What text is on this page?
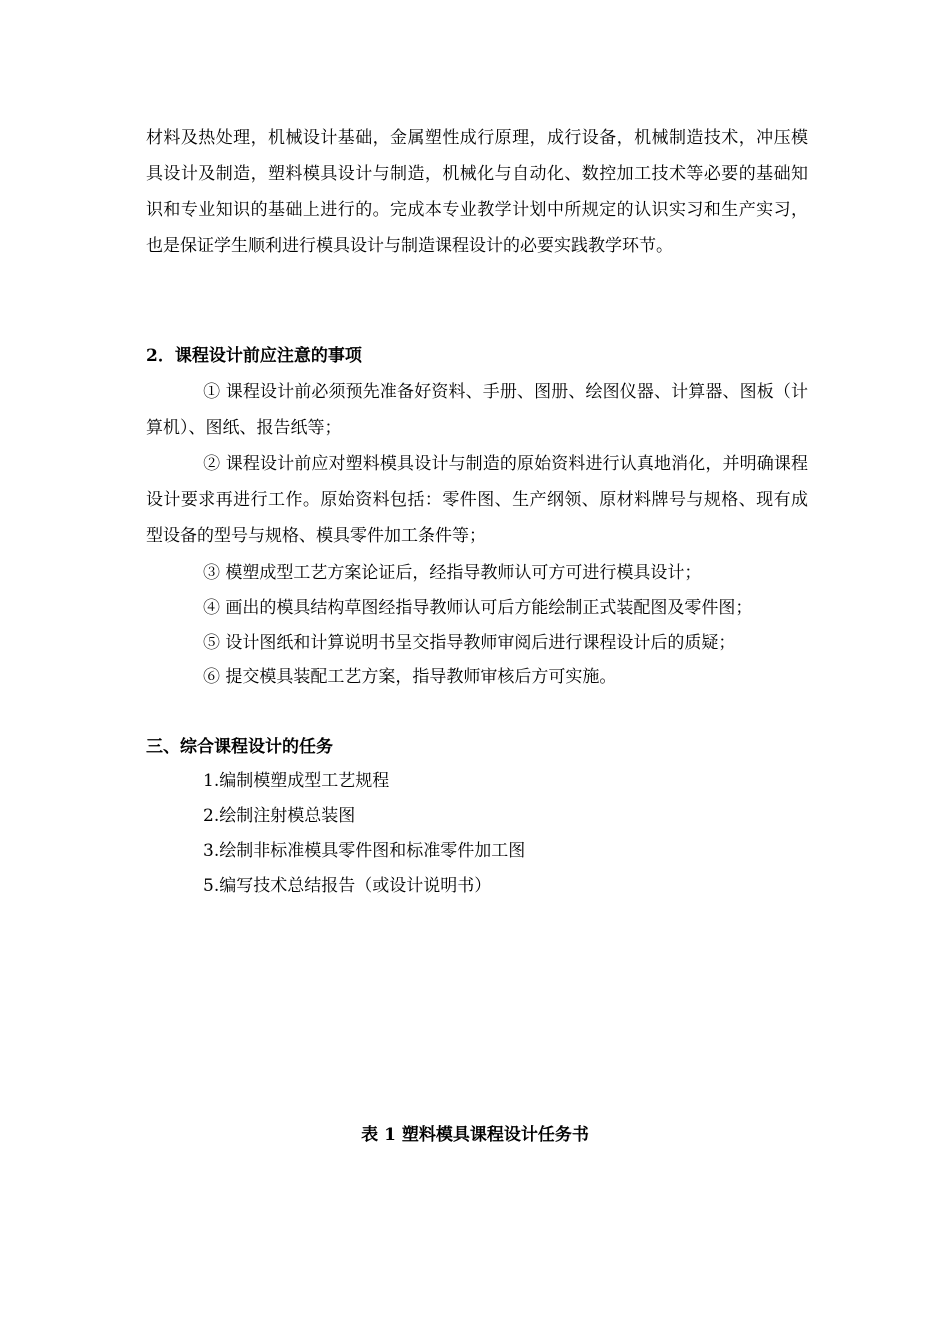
材料及热处理，机械设计基础，金属塑性成行原理，成行设备，机械制造技术，冲压模具设计及制造，塑料模具设计与制造，机械化与自动化、数控加工技术等必要的基础知识和专业知识的基础上进行的。完成本专业教学计划中所规定的认识实习和生产实习，也是保证学生顺利进行模具设计与制造课程设计的必要实践教学环节。

2．课程设计前应注意的事项
① 课程设计前必须预先准备好资料、手册、图册、绘图仪器、计算器、图板（计算机）、图纸、报告纸等；
② 课程设计前应对塑料模具设计与制造的原始资料进行认真地消化，并明确课程设计要求再进行工作。原始资料包括：零件图、生产纲领、原材料牌号与规格、现有成型设备的型号与规格、模具零件加工条件等；
③ 模塑成型工艺方案论证后，经指导教师认可方可进行模具设计；
④ 画出的模具结构草图经指导教师认可后方能绘制正式装配图及零件图；
⑤ 设计图纸和计算说明书呈交指导教师审阅后进行课程设计后的质疑；
⑥ 提交模具装配工艺方案，指导教师审核后方可实施。
三、综合课程设计的任务
1.编制模塑成型工艺规程
2.绘制注射模总装图
3.绘制非标准模具零件图和标准零件加工图
5.编写技术总结报告（或设计说明书）
表 1 塑料模具课程设计任务书
